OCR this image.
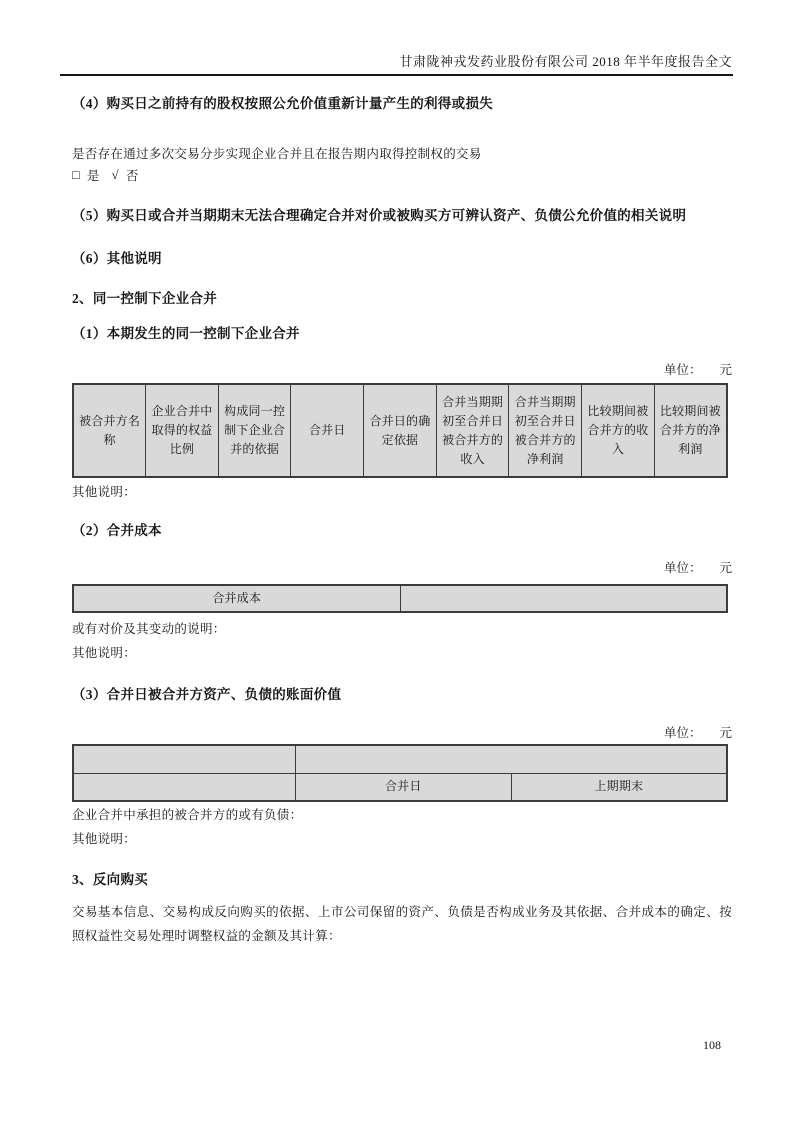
甘肃陇神戎发药业股份有限公司 2018 年半年度报告全文
（4）购买日之前持有的股权按照公允价值重新计量产生的利得或损失
是否存在通过多次交易分步实现企业合并且在报告期内取得控制权的交易
□ 是 √ 否
（5）购买日或合并当期期末无法合理确定合并对价或被购买方可辨认资产、负债公允价值的相关说明
（6）其他说明
2、同一控制下企业合并
（1）本期发生的同一控制下企业合并
单位： 元
被合并方名称	企业合并中取得的权益比例	构成同一控制下企业合并的依据	合并日	合并日的确定依据	合并当期期初至合并日被合并方的收入	合并当期期初至合并日被合并方的净利润	比较期间被合并方的收入	比较期间被合并方的净利润
其他说明：
（2）合并成本
单位： 元
合并成本	
或有对价及其变动的说明：
其他说明：
（3）合并日被合并方资产、负债的账面价值
单位： 元

	合并日	上期期末
企业合并中承担的被合并方的或有负债：
其他说明：
3、反向购买
交易基本信息、交易构成反向购买的依据、上市公司保留的资产、负债是否构成业务及其依据、合并成本的确定、按照权益性交易处理时调整权益的金额及其计算：
108
